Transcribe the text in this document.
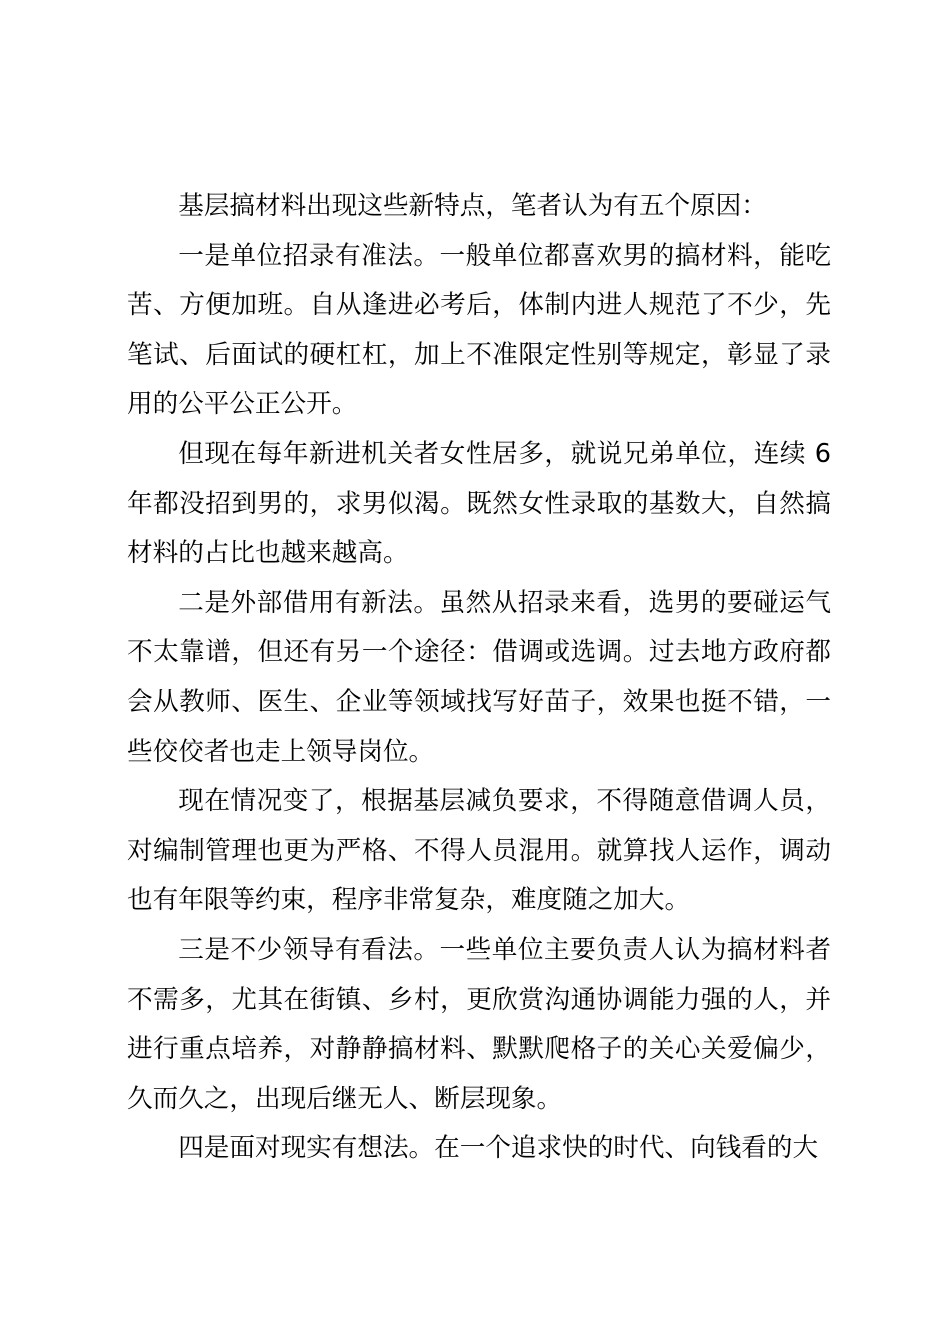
基层搞材料出现这些新特点，笔者认为有五个原因：

一是单位招录有准法。一般单位都喜欢男的搞材料，能吃苦、方便加班。自从逢进必考后，体制内进人规范了不少，先笔试、后面试的硬杠杠，加上不准限定性别等规定，彰显了录用的公平公正公开。

但现在每年新进机关者女性居多，就说兄弟单位，连续 6年都没招到男的，求男似渴。既然女性录取的基数大，自然搞材料的占比也越来越高。

二是外部借用有新法。虽然从招录来看，选男的要碰运气不太靠谱，但还有另一个途径：借调或选调。过去地方政府都会从教师、医生、企业等领域找写好苗子，效果也挺不错，一些佼佼者也走上领导岗位。

现在情况变了，根据基层减负要求，不得随意借调人员，对编制管理也更为严格、不得人员混用。就算找人运作，调动也有年限等约束，程序非常复杂，难度随之加大。

三是不少领导有看法。一些单位主要负责人认为搞材料者不需多，尤其在街镇、乡村，更欣赏沟通协调能力强的人，并进行重点培养，对静静搞材料、默默爬格子的关心关爱偏少，久而久之，出现后继无人、断层现象。

四是面对现实有想法。在一个追求快的时代、向钱看的大
